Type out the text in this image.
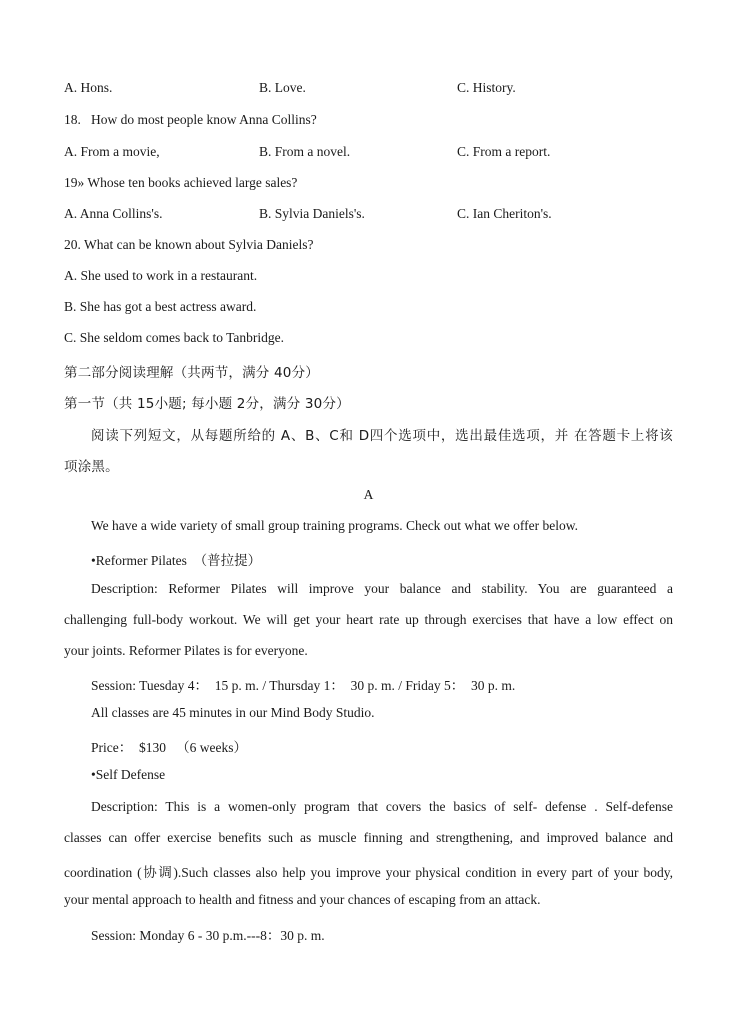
A. Hons.	B. Love.	C. History.
18.   How do most people know Anna Collins?
A. From a movie,	B. From a novel.	C. From a report.
19» Whose ten books achieved large sales?
A. Anna Collins's.	B. Sylvia Daniels's.	C. Ian Cheriton's.
20. What can be known about Sylvia Daniels?
A. She used to work in a restaurant.
B. She has got a best actress award.
C. She seldom comes back to Tanbridge.
第二部分阅读理解（共两节，满分 40分）
第一节（共 15小题; 每小题 2分，满分 30分）
阅读下列短文，从每题所给的 A、B、C和 D四个选项中，选出最佳选项，并 在答题卡上将该
项涂黑。
A
We have a wide variety of small group training programs. Check out what we offer below.
•Reformer Pilates  （普拉提）
Description: Reformer Pilates will improve your balance and stability. You are guaranteed a
challenging full-body workout. We will get your heart rate up through exercises that have a low effect on
your joints. Reformer Pilates is for everyone.
Session: Tuesday 4：  15 p. m. / Thursday 1：  30 p. m. / Friday 5：  30 p. m.
All classes are 45 minutes in our Mind Body Studio.
Price：  $130   （6 weeks）
•Self Defense
Description: This is a women-only program that covers the basics of self- defense . Self-defense
classes can offer exercise benefits such as muscle finning and strengthening, and improved balance and
coordination (协调).Such classes also help you improve your physical condition in every part of your body,
your mental approach to health and fitness and your chances of escaping from an attack.
Session: Monday 6 - 30 p.m.---8：30 p. m.
